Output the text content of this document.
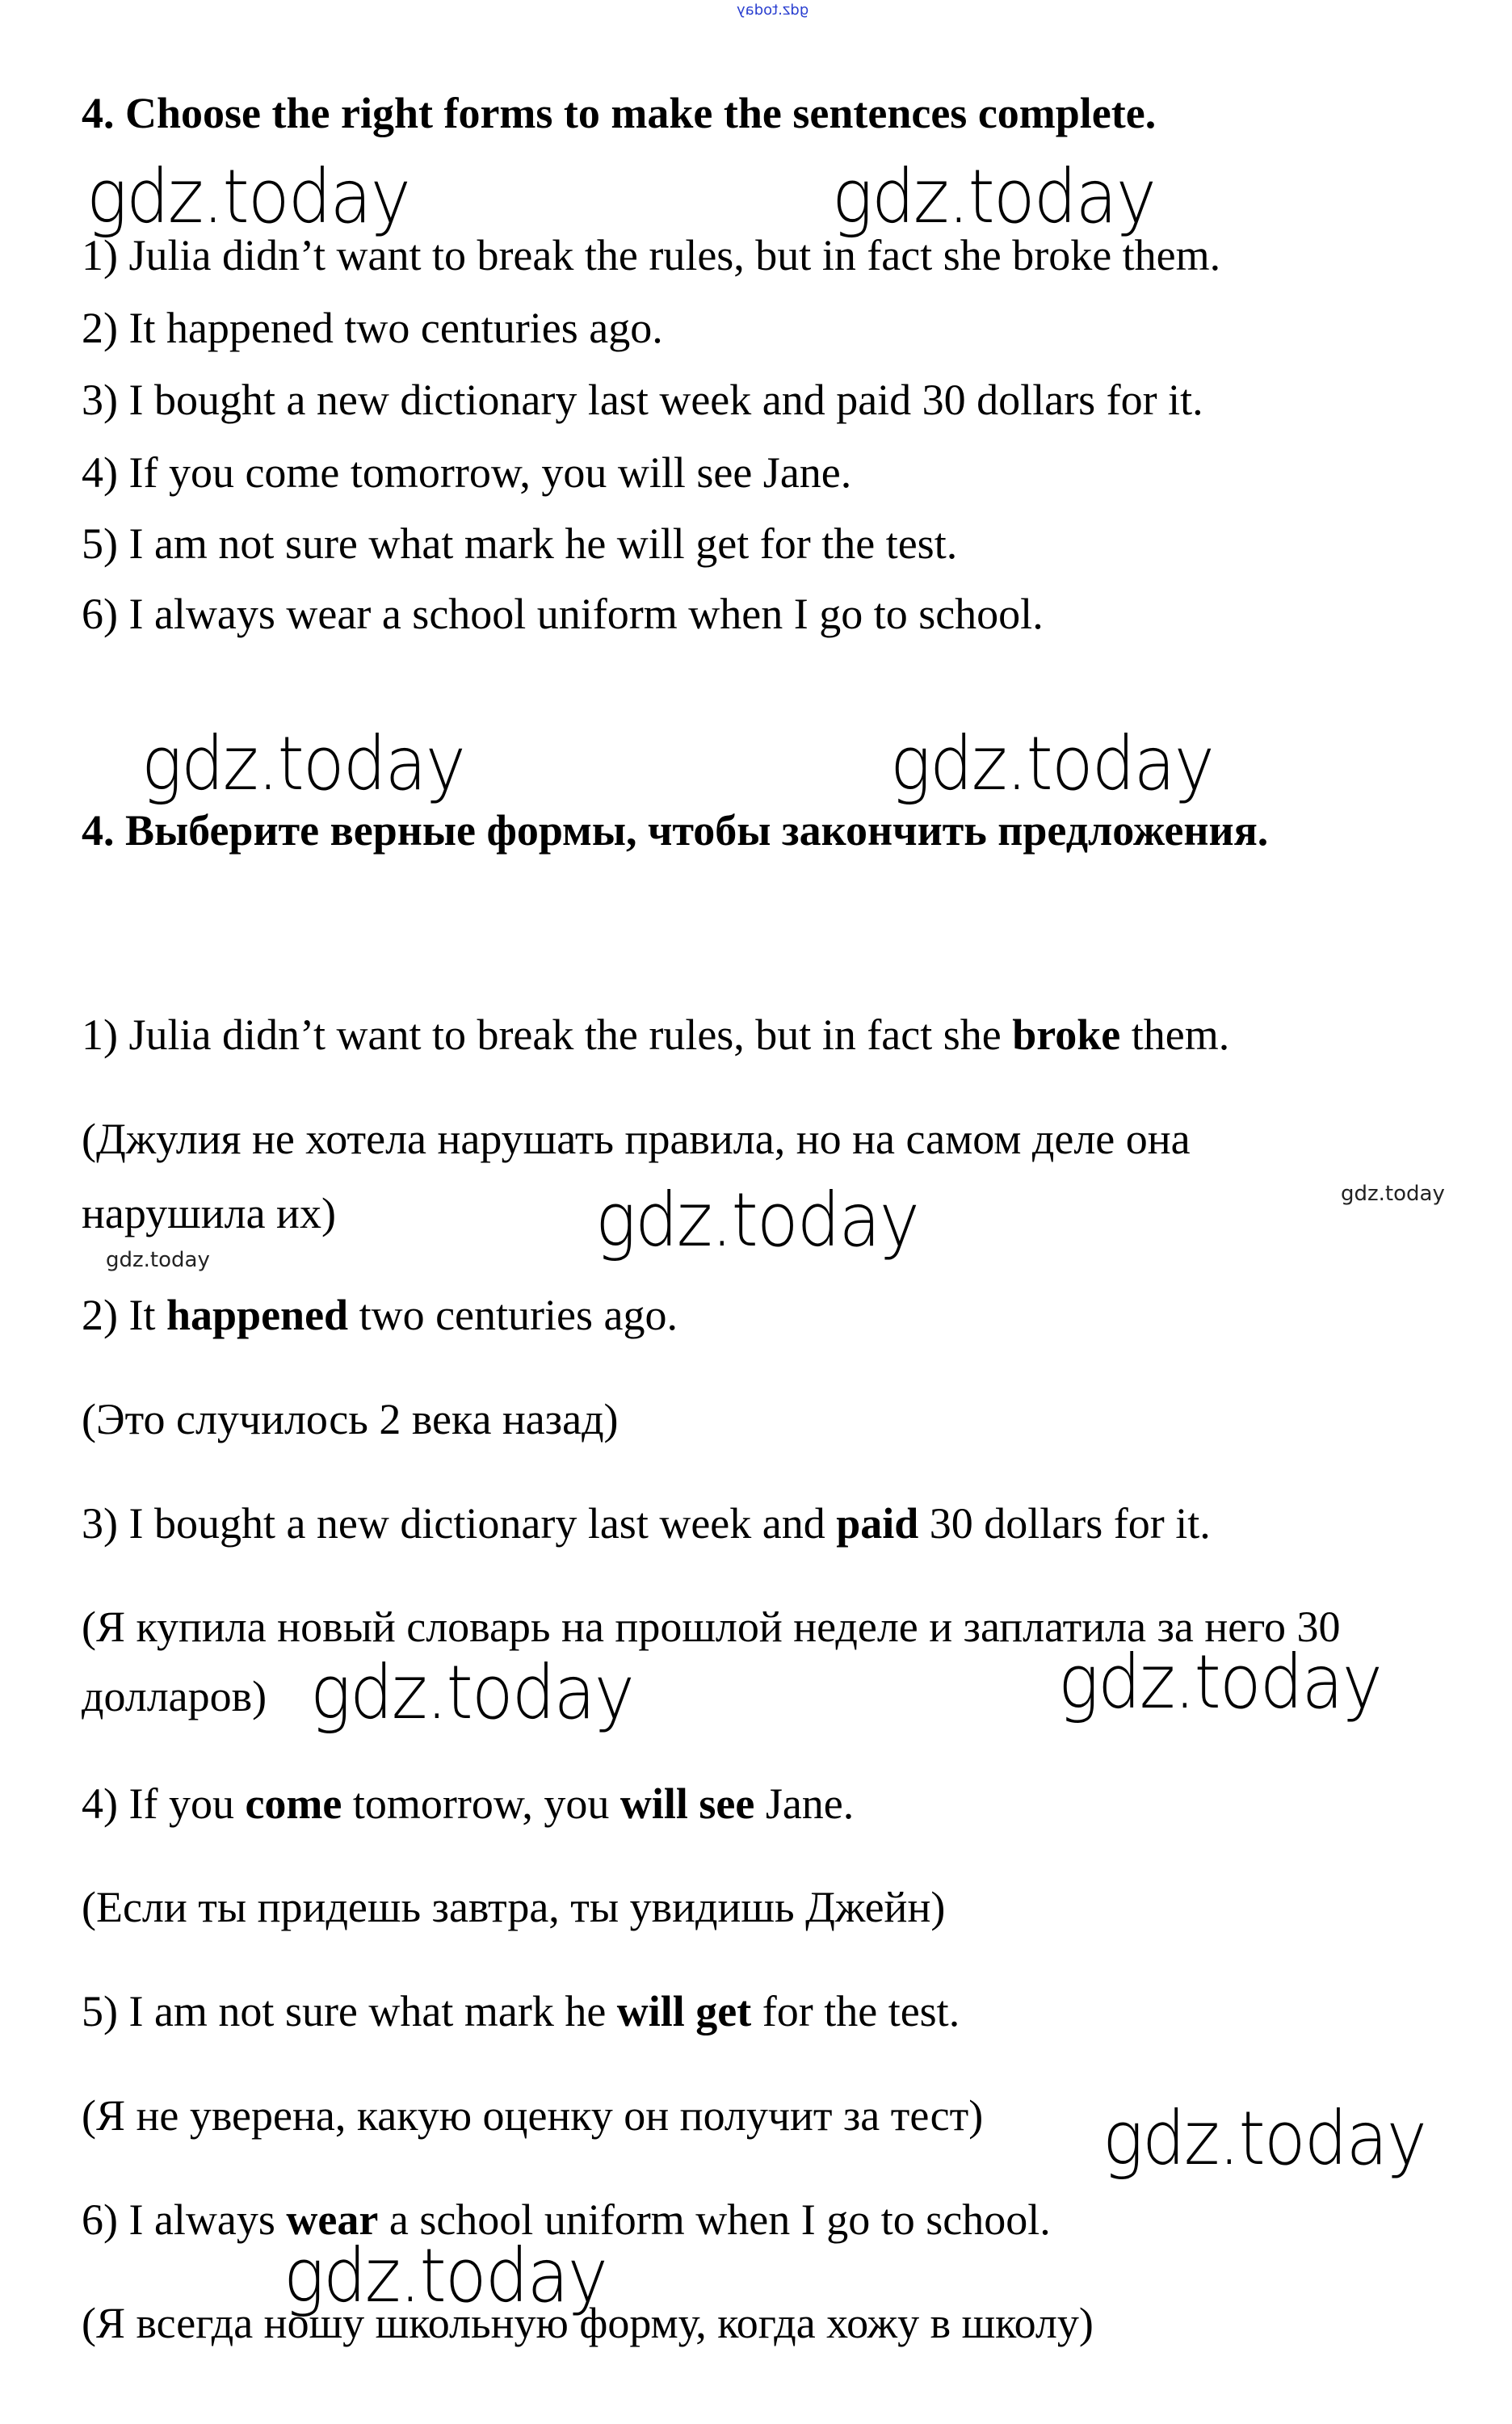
gdz.today
4. Choose the right forms to make the sentences complete.
gdz.today	gdz.today
1) Julia didn’t want to break the rules, but in fact she broke them.
2) It happened two centuries ago.
3) I bought a new dictionary last week and paid 30 dollars for it.
4) If you come tomorrow, you will see Jane.
5) I am not sure what mark he will get for the test.
6) I always wear a school uniform when I go to school.
gdz.today	gdz.today
4. Выберите верные формы, чтобы закончить предложения.
1) Julia didn’t want to break the rules, but in fact she broke them.
(Джулия не хотела нарушать правила, но на самом деле она
нарушила их)	gdz.today	gdz.today
gdz.today
2) It happened two centuries ago.
(Это случилось 2 века назад)
3) I bought a new dictionary last week and paid 30 dollars for it.
(Я купила новый словарь на прошлой неделе и заплатила за него 30
долларов) gdz.today	gdz.today
4) If you come tomorrow, you will see Jane.
(Если ты придешь завтра, ты увидишь Джейн)
5) I am not sure what mark he will get for the test.
(Я не уверена, какую оценку он получит за тест) gdz.today
6) I always wear a school uniform when I go to school.
(Я всегда ношу школьную форму, когда хожу в школу)
gdz.today
